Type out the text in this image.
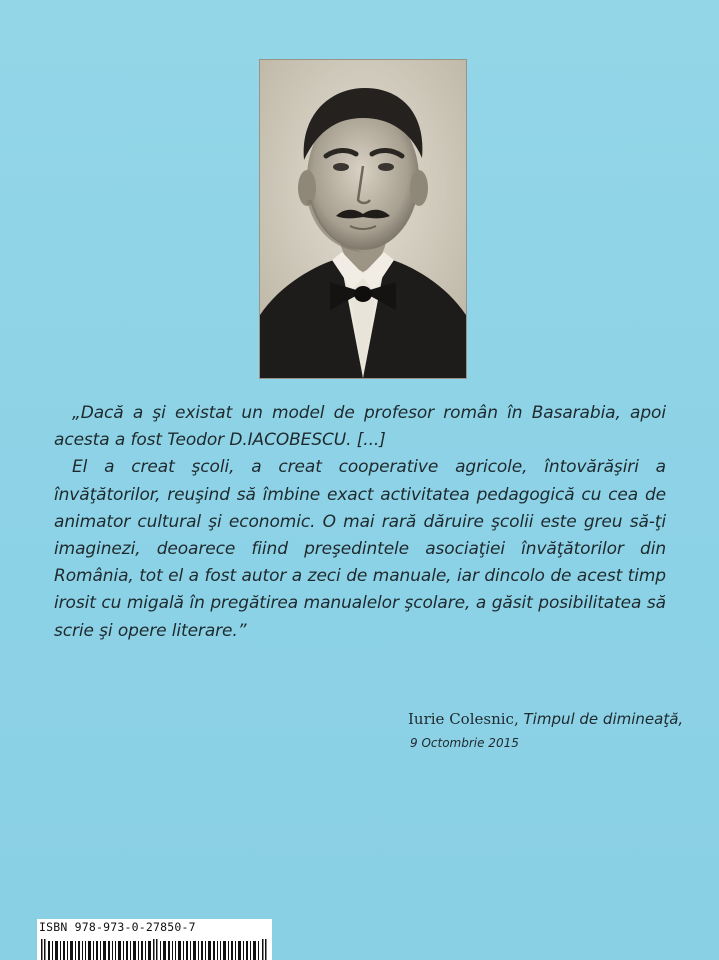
„Dacă a şi existat un model de profesor român în Basarabia, apoi acesta a fost Teodor D.IACOBESCU. [...]

El a creat şcoli, a creat cooperative agricole, întovărăşiri a învăţătorilor, reuşind să îmbine exact activitatea pedagogică cu cea de animator cultural şi economic. O mai rară dăruire şcolii este greu să-ţi imaginezi, deoarece fiind preşedintele asociaţiei învăţătorilor din România, tot el a fost autor a zeci de manuale, iar dincolo de acest timp irosit cu migală în pregătirea manualelor şcolare, a găsit posibilitatea să scrie şi opere literare.”

Iurie Colesnic, Timpul de dimineaţă,
9 Octombrie 2015
ISBN 978-973-0-27850-7
